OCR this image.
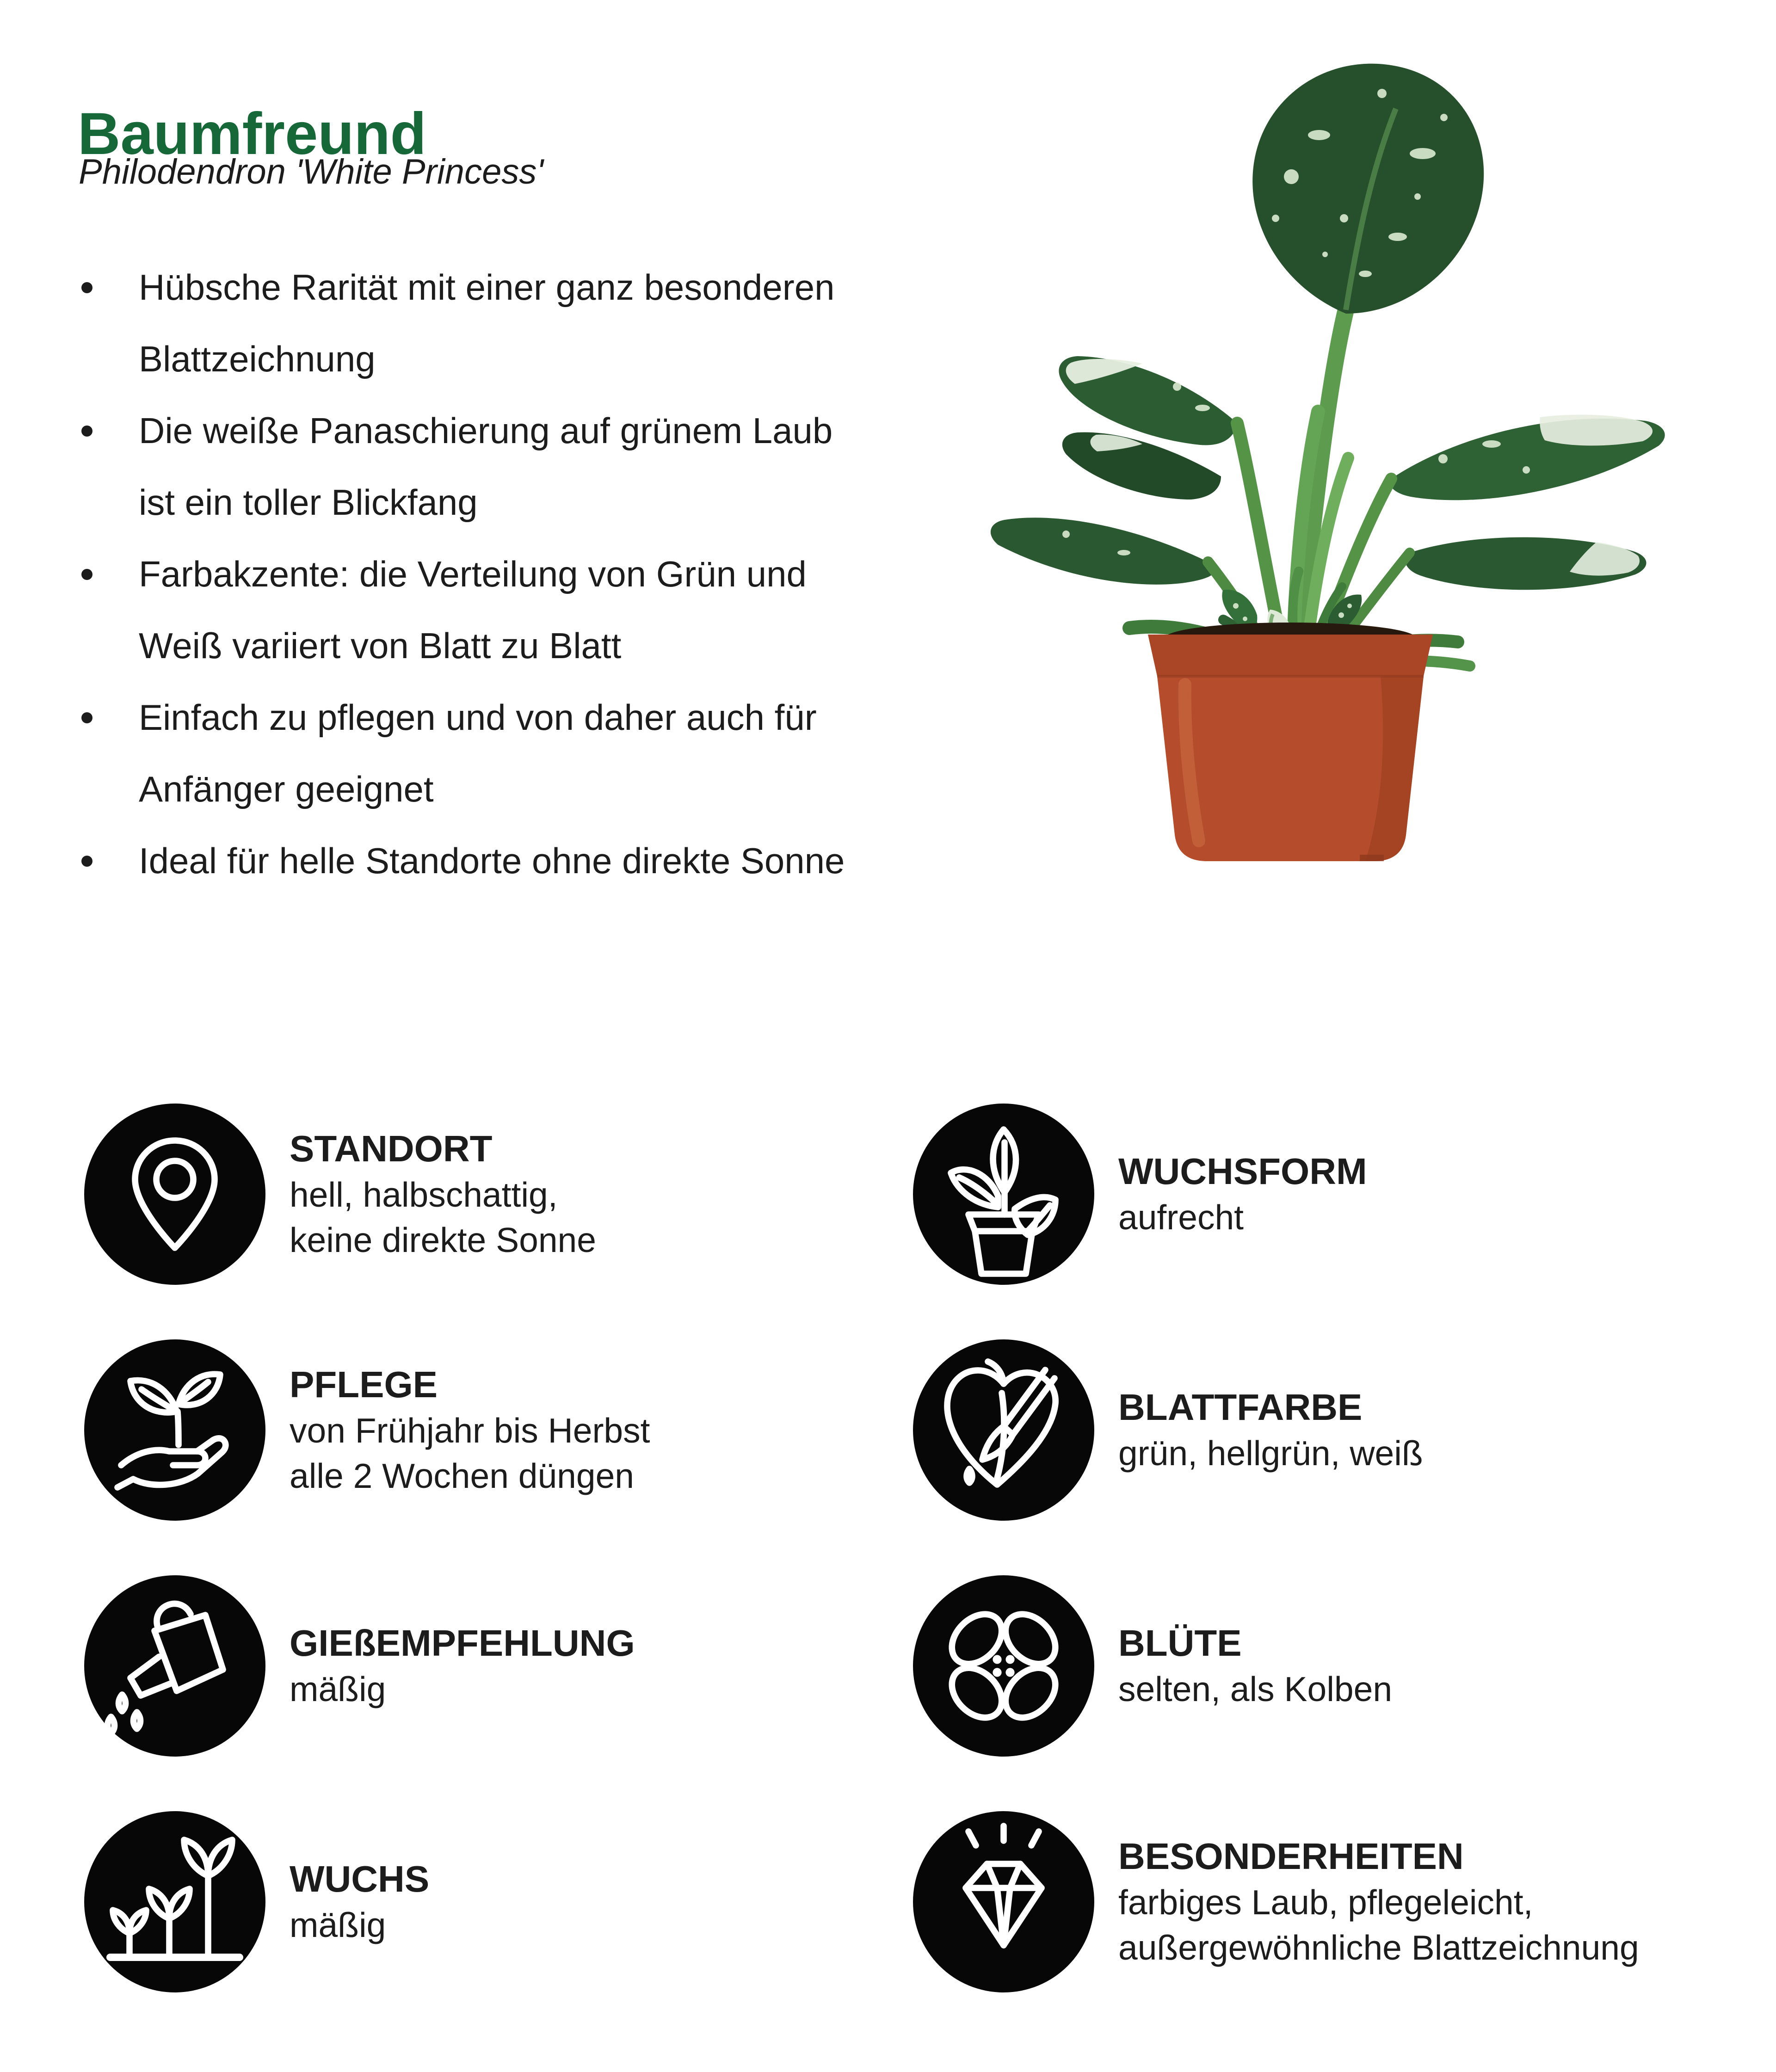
Baumfreund
Philodendron 'White Princess'
Hübsche Rarität mit einer ganz besonderen
Blattzeichnung
Die weiße Panaschierung auf grünem Laub
ist ein toller Blickfang
Farbakzente: die Verteilung von Grün und
Weiß variiert von Blatt zu Blatt
Einfach zu pflegen und von daher auch für
Anfänger geeignet
Ideal für helle Standorte ohne direkte Sonne
STANDORT
hell, halbschattig,
keine direkte Sonne
WUCHSFORM
aufrecht
PFLEGE
von Frühjahr bis Herbst
alle 2 Wochen düngen
BLATTFARBE
grün, hellgrün, weiß
GIEßEMPFEHLUNG
mäßig
BLÜTE
selten, als Kolben
WUCHS
mäßig
BESONDERHEITEN
farbiges Laub, pflegeleicht,
außergewöhnliche Blattzeichnung
